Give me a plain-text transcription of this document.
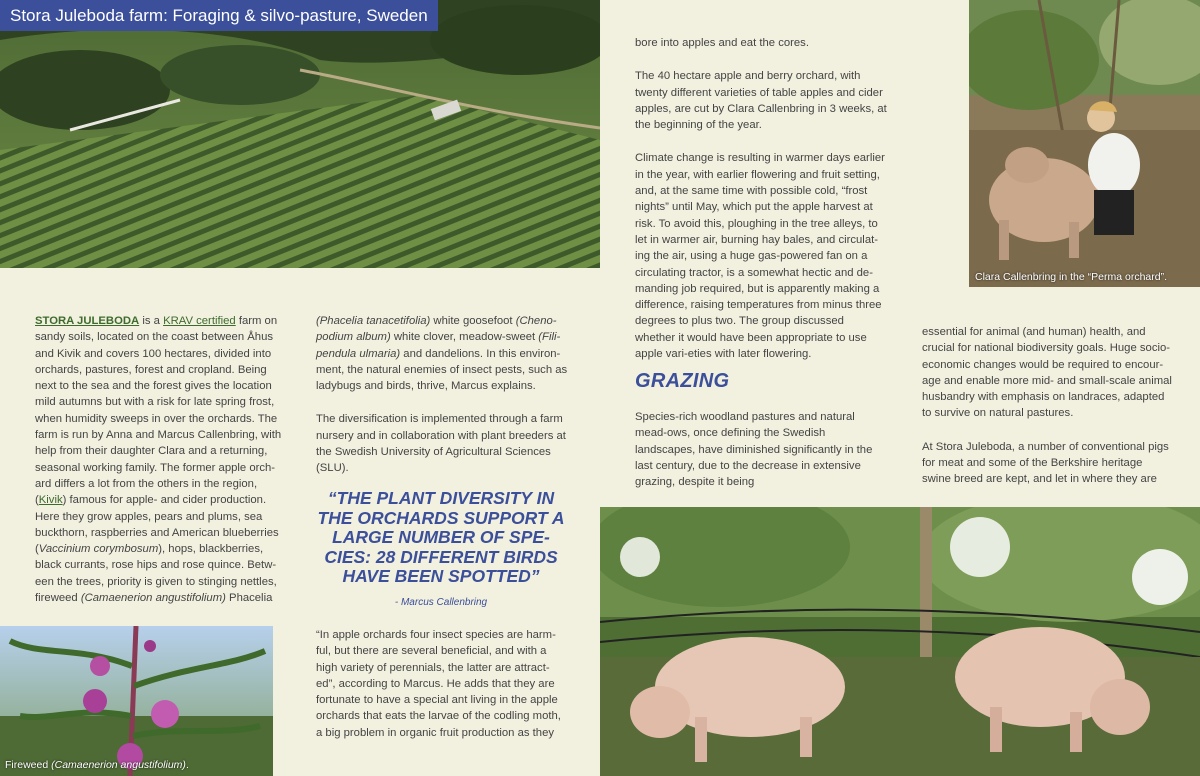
Stora Juleboda farm: Foraging & silvo-pasture, Sweden
Clara Callenbring in the “Perma orchard”.

STORA JULEBODA is a KRAV certified farm on sandy soils, located on the coast between Åhus and Kivik and covers 100 hectares, divided into orchards, pastures, forest and cropland. Being next to the sea and the forest gives the location mild autumns but with a risk for late spring frost, when humidity sweeps in over the orchards. The farm is run by Anna and Marcus Callenbring, with help from their daughter Clara and a returning, seasonal working family. The former apple orch-ard differs a lot from the others in the region, (Kivik) famous for apple- and cider production. Here they grow apples, pears and plums, sea buckthorn, raspberries and American blueberries (Vaccinium corymbosum), hops, blackberries, black currants, rose hips and rose quince. Betw-een the trees, priority is given to stinging nettles, fireweed (Camaenerion angustifolium) Phacelia

Fireweed (Camaenerion angustifolium).

(Phacelia tanacetifolia) white goosefoot (Cheno-podium album) white clover, meadow-sweet (Fili-pendula ulmaria) and dandelions. In this environ-ment, the natural enemies of insect pests, such as ladybugs and birds, thrive, Marcus explains.

The diversification is implemented through a farm nursery and in collaboration with plant breeders at the Swedish University of Agricultural Sciences (SLU).

“THE PLANT DIVERSITY IN THE ORCHARDS SUPPORT A LARGE NUMBER OF SPE-CIES: 28 DIFFERENT BIRDS HAVE BEEN SPOTTED”
- Marcus Callenbring
“In apple orchards four insect species are harm-ful, but there are several beneficial, and with a high variety of perennials, the latter are attract-ed”, according to Marcus. He adds that they are fortunate to have a special ant living in the apple orchards that eats the larvae of the codling moth, a big problem in organic fruit production as they

bore into apples and eat the cores.

The 40 hectare apple and berry orchard, with twenty different varieties of table apples and cider apples, are cut by Clara Callenbring in 3 weeks, at the beginning of the year.

Climate change is resulting in warmer days earlier in the year, with earlier flowering and fruit setting, and, at the same time with possible cold, “frost nights” until May, which put the apple harvest at risk. To avoid this, ploughing in the tree alleys, to let in warmer air, burning hay bales, and circulat-ing the air, using a huge gas-powered fan on a circulating tractor, is a somewhat hectic and de-manding job required, but is apparently making a difference, raising temperatures from minus three degrees to plus two. The group discussed whether it would have been appropriate to use apple vari-eties with later flowering.

GRAZING
Species-rich woodland pastures and natural mead-ows, once defining the Swedish landscapes, have diminished significantly in the last century, due to the decrease in extensive grazing, despite it being

essential for animal (and human) health, and crucial for national biodiversity goals. Huge socio-economic changes would be required to encour-age and enable more mid- and small-scale animal husbandry with emphasis on landraces, adapted to survive on natural pastures.

At Stora Juleboda, a number of conventional pigs for meat and some of the Berkshire heritage swine breed are kept, and let in where they are
